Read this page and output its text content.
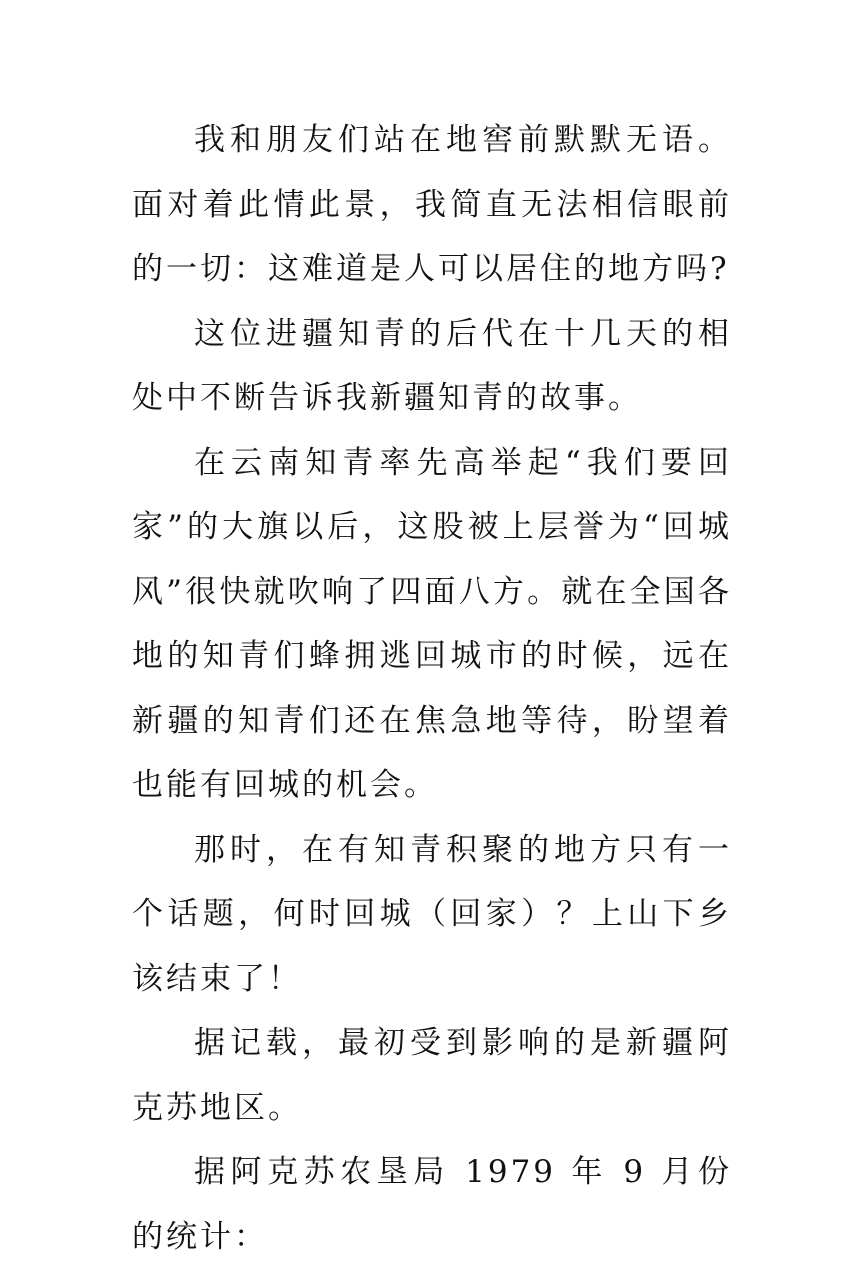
我和朋友们站在地窖前默默无语。面对着此情此景，我简直无法相信眼前的一切：这难道是人可以居住的地方吗?

这位进疆知青的后代在十几天的相处中不断告诉我新疆知青的故事。

在云南知青率先高举起“我们要回家”的大旗以后，这股被上层誉为“回城风”很快就吹响了四面八方。就在全国各地的知青们蜂拥逃回城市的时候，远在新疆的知青们还在焦急地等待，盼望着也能有回城的机会。

那时，在有知青积聚的地方只有一个话题，何时回城（回家）？上山下乡该结束了！

据记载，最初受到影响的是新疆阿克苏地区。

据阿克苏农垦局 1979 年 9 月份的统计：
